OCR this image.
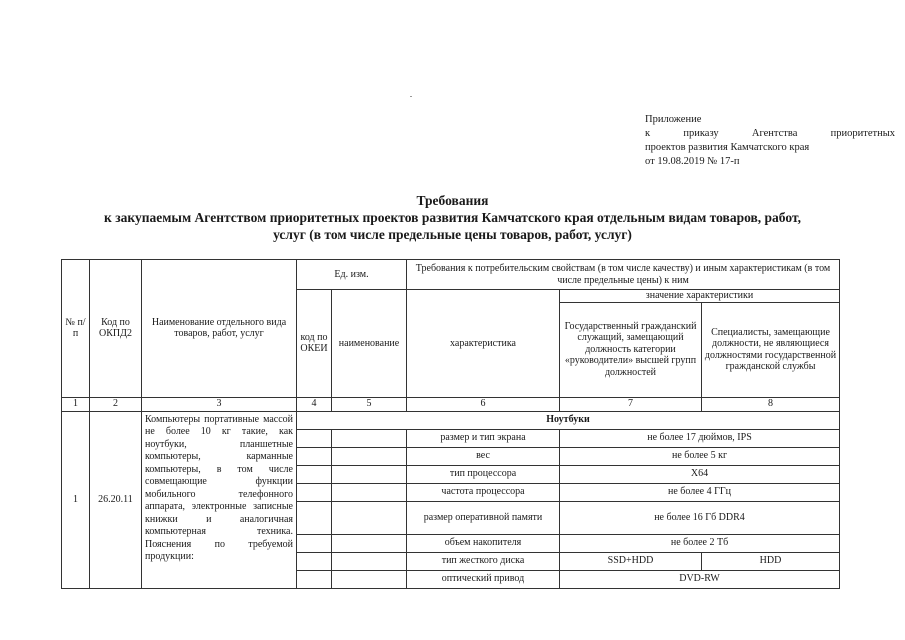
Приложение
к приказу Агентства приоритетных
проектов развития Камчатского края
от 19.08.2019 № 17-п
Требования
к закупаемым Агентством приоритетных проектов развития Камчатского края отдельным видам товаров, работ,
услуг (в том числе предельные цены товаров, работ, услуг)
№ п/п	Код по ОКПД2	Наименование отдельного вида товаров, работ, услуг	Ед. изм.		Требования к потребительским свойствам (в том числе качеству) и иным характеристикам (в том числе предельные цены) к ним		
			код по ОКЕИ	наименование	характеристика	значение характеристики	
						Государственный гражданский служащий, замещающий должность категории «руководители» высшей групп должностей	Специалисты, замещающие должности, не являющиеся должностями государственной гражданской службы
1	2	3	4	5	6	7	8
1	26.20.11	Компьютеры портативные массой не более 10 кг такие, как ноутбуки, планшетные компьютеры, карманные компьютеры, в том числе совмещающие функции мобильного телефонного аппарата, электронные записные книжки и аналогичная компьютерная техника. Пояснения по требуемой продукции:	Ноутбуки				
					размер и тип экрана	не более 17 дюймов, IPS	
					вес	не более 5 кг	
					тип процессора	X64	
					частота процессора	не более 4 ГГц	
					размер оперативной памяти	не более 16 Гб DDR4	

					объем накопителя	не более 2 Тб	
					тип жесткого диска	SSD+HDD	HDD
					оптический привод	DVD-RW	
